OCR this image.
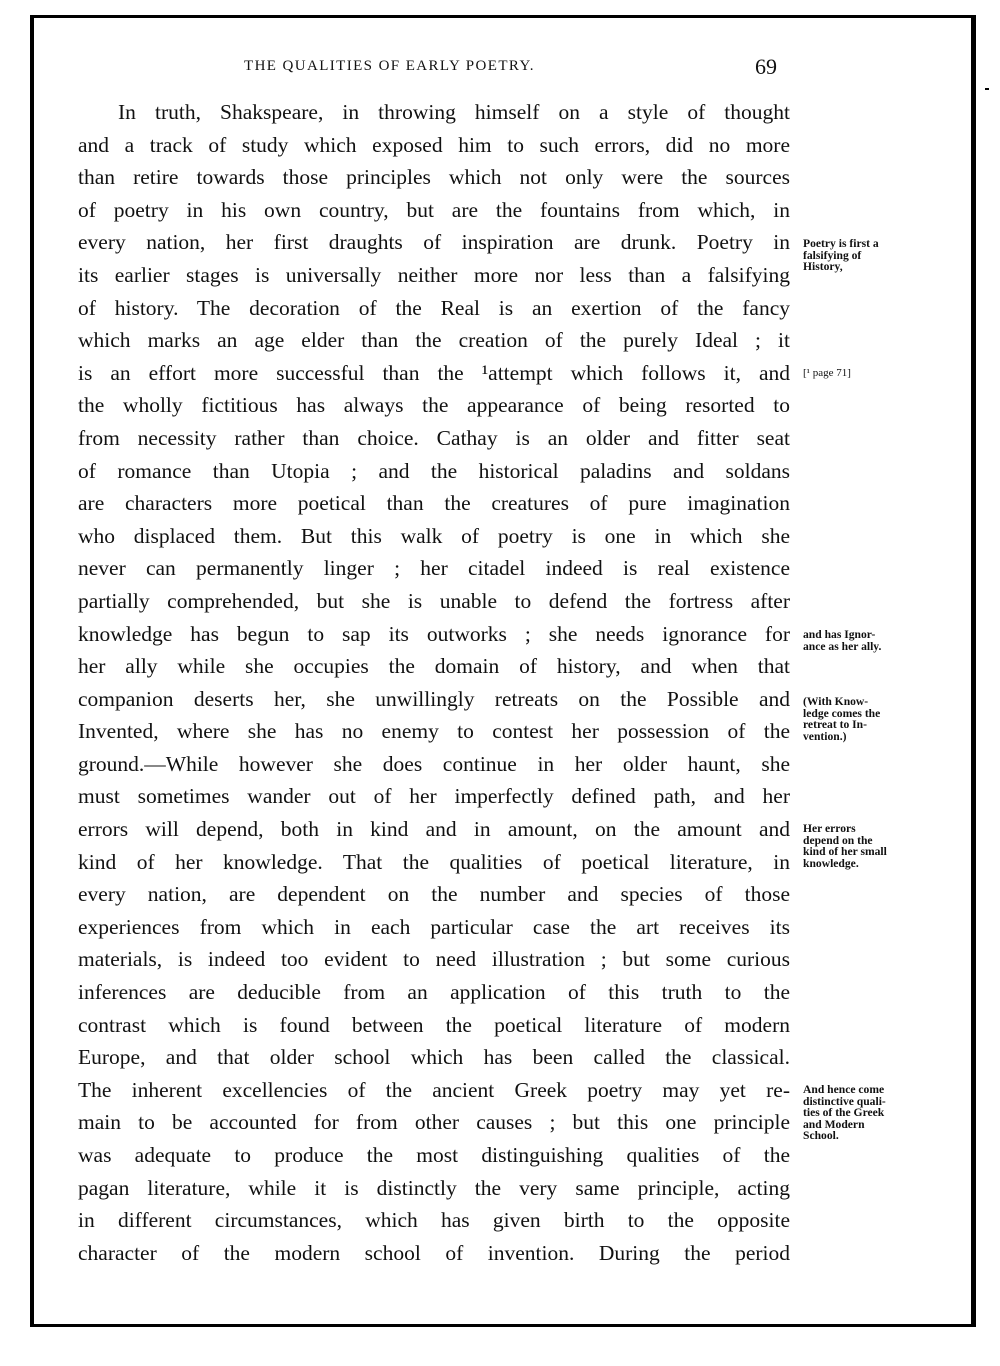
THE QUALITIES OF EARLY POETRY.	69
In truth, Shakspeare, in throwing himself on a style of thought
and a track of study which exposed him to such errors, did no more
than retire towards those principles which not only were the sources
of poetry in his own country, but are the fountains from which, in
every nation, her first draughts of inspiration are drunk. Poetry in
its earlier stages is universally neither more nor less than a falsifying
of history. The decoration of the Real is an exertion of the fancy
which marks an age elder than the creation of the purely Ideal ; it
is an effort more successful than the ¹attempt which follows it, and
the wholly fictitious has always the appearance of being resorted to
from necessity rather than choice. Cathay is an older and fitter seat
of romance than Utopia ; and the historical paladins and soldans
are characters more poetical than the creatures of pure imagination
who displaced them. But this walk of poetry is one in which she
never can permanently linger ; her citadel indeed is real existence
partially comprehended, but she is unable to defend the fortress after
knowledge has begun to sap its outworks ; she needs ignorance for
her ally while she occupies the domain of history, and when that
companion deserts her, she unwillingly retreats on the Possible and
Invented, where she has no enemy to contest her possession of the
ground.—While however she does continue in her older haunt, she
must sometimes wander out of her imperfectly defined path, and her
errors will depend, both in kind and in amount, on the amount and
kind of her knowledge. That the qualities of poetical literature, in
every nation, are dependent on the number and species of those
experiences from which in each particular case the art receives its
materials, is indeed too evident to need illustration ; but some curious
inferences are deducible from an application of this truth to the
contrast which is found between the poetical literature of modern
Europe, and that older school which has been called the classical.
The inherent excellencies of the ancient Greek poetry may yet re-
main to be accounted for from other causes ; but this one principle
was adequate to produce the most distinguishing qualities of the
pagan literature, while it is distinctly the very same principle, acting
in different circumstances, which has given birth to the opposite
character of the modern school of invention. During the period
Poetry is first a
falsifying of
History,
[¹ page 71]
and has Ignor-
ance as her ally.
(With Know-
ledge comes the
retreat to In-
vention.)
Her errors
depend on the
kind of her small
knowledge.
And hence come
distinctive quali-
ties of the Greek
and Modern
School.
